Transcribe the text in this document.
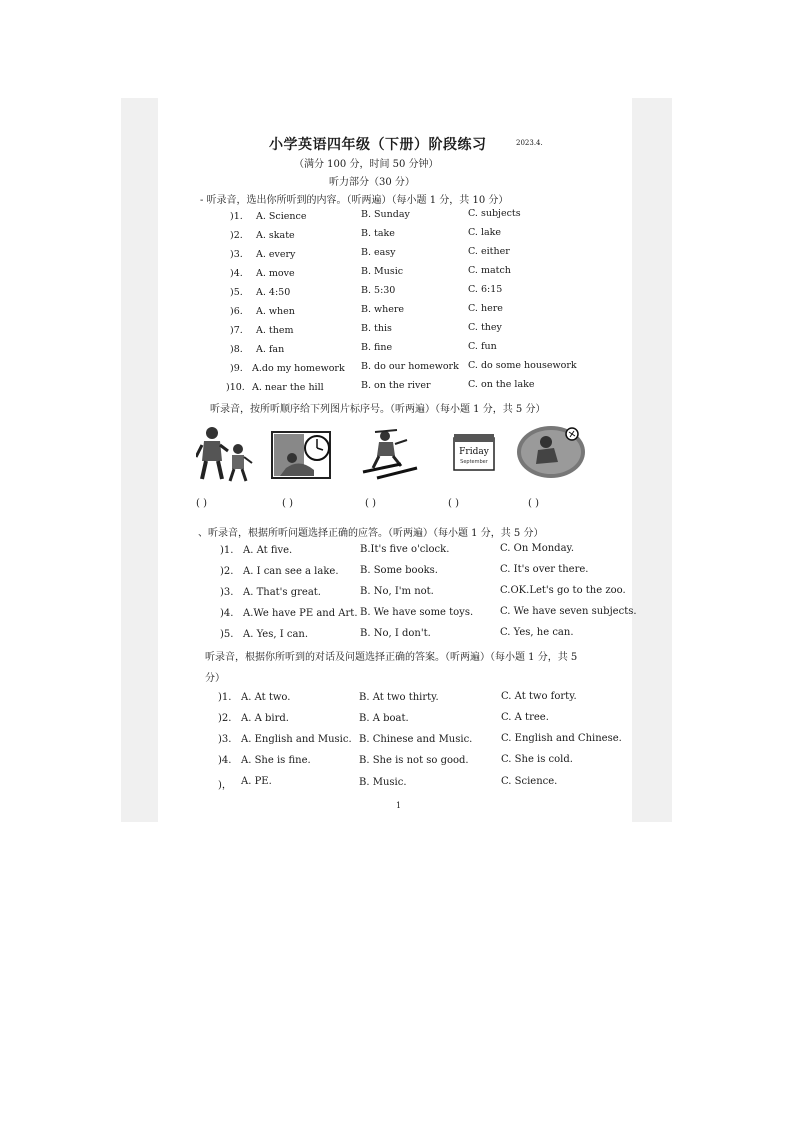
小学英语四年级（下册）阶段练习	2023.4.
（满分 100 分，时间 50 分钟）
听力部分（30 分）
- 听录音，选出你所听到的内容。（听两遍）（每小题 1 分，共 10 分）
)1. A. Science	B. Sunday	C. subjects
)2. A. skate	B. take	C. lake
)3. A. every	B. easy	C. either
)4. A. move	B. Music	C. match
)5. A. 4:50	B. 5:30	C. 6:15
)6. A. when	B. where	C. here
)7. A. them	B. this	C. they
)8. A. fan	B. fine	C. fun
)9. A.do my homework B. do our homework C. do some housework
)10. A. near the hill	B. on the river	C. on the lake
听录音，按所听顺序给下列图片标序号。（听两遍）（每小题 1 分，共 5 分）
Friday
September
( )	( )	( )	( )	( )
、听录音，根据所听问题选择正确的应答。（听两遍）（每小题 1 分，共 5 分）
)1. A. At five.	B.It's five o'clock.	C. On Monday.
)2. A. I can see a lake. B. Some books.	C. It's over there.
)3. A. That's great.	B. No, I'm not.	C.OK.Let's go to the zoo.
)4. A.We have PE and Art. B. We have some toys.	C. We have seven subjects.
)5. A. Yes, I can.	B. No, I don't.	C. Yes, he can.
听录音，根据你所听到的对话及问题选择正确的答案。（听两遍）（每小题 1 分，共 5
分）
)1. A. At two.	B. At two thirty.	C. At two forty.
)2. A. A bird.	B. A boat.	C. A tree.
)3. A. English and Music. B. Chinese and Music.	C. English and Chinese.
)4. A. She is fine.	B. She is not so good.	C. She is cold.
)， A. PE.	B. Music.	C. Science.
1
